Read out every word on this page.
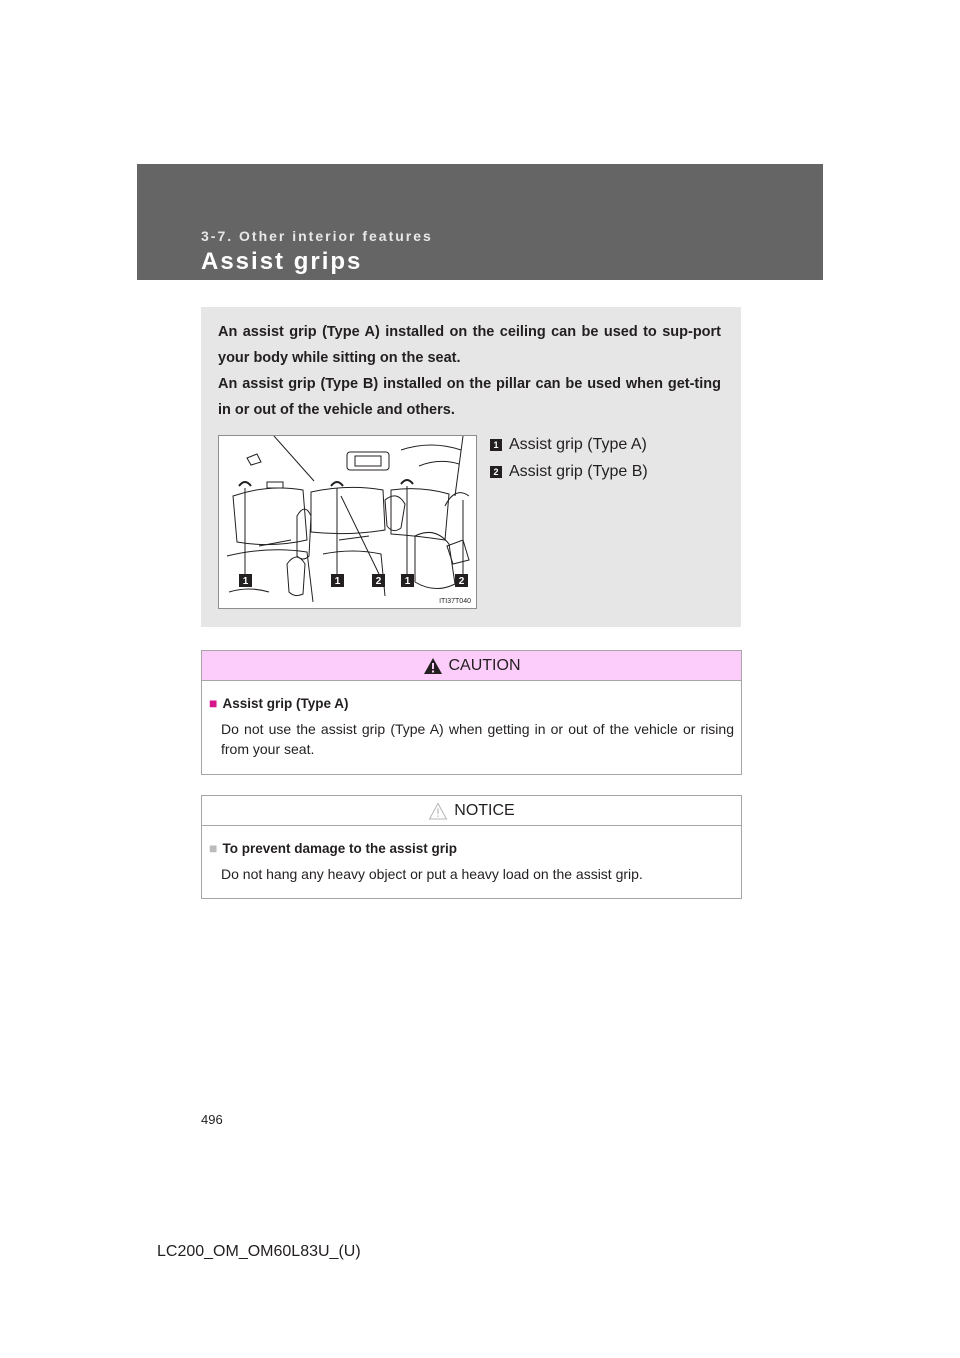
3-7. Other interior features
Assist grips

An assist grip (Type A) installed on the ceiling can be used to sup-port your body while sitting on the seat.

An assist grip (Type B) installed on the pillar can be used when get-ting in or out of the vehicle and others.

1	1	2 1	2
ITI37T040
1 Assist grip (Type A)
2 Assist grip (Type B)
CAUTION
■ Assist grip (Type A)
Do not use the assist grip (Type A) when getting in or out of the vehicle or rising from your seat.
NOTICE
■ To prevent damage to the assist grip
Do not hang any heavy object or put a heavy load on the assist grip.
496
LC200_OM_OM60L83U_(U)
